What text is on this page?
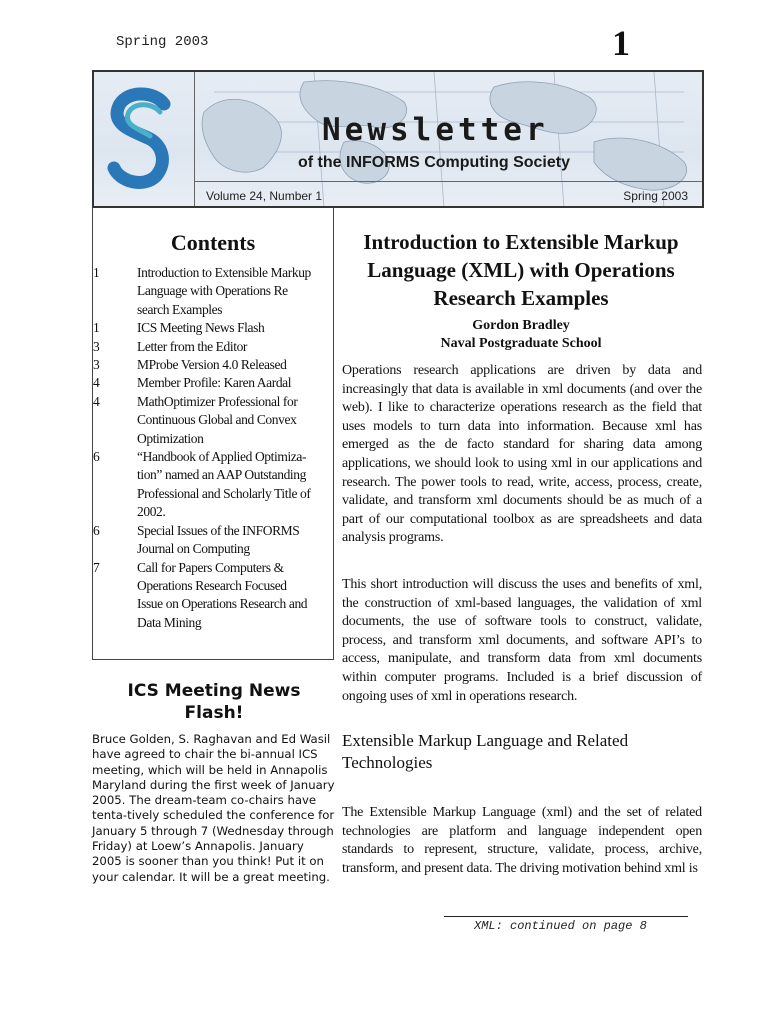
Spring 2003	1
Newsletter
of the INFORMS Computing Society
Volume 24, Number 1	Spring 2003
Contents
1	Introduction to Extensible Markup
Language with Operations Re
search Examples
1	ICS Meeting News Flash
3	Letter from the Editor
3	MProbe Version 4.0 Released
4	Member Profile: Karen Aardal
4	MathOptimizer Professional for
Continuous Global and Convex
Optimization
6	“Handbook of Applied Optimiza-
tion” named an AAP Outstanding
Professional and Scholarly Title of
2002.
6	Special Issues of the INFORMS
Journal on Computing
7	Call for Papers Computers &
Operations Research Focused
Issue on Operations Research and
Data Mining
ICS Meeting News Flash!

Bruce Golden, S. Raghavan and Ed Wasil have agreed to chair the bi-annual ICS meeting, which will be held in Annapolis Maryland during the first week of January 2005. The dream-team co-chairs have tenta-tively scheduled the conference for January 5 through 7 (Wednesday through Friday) at Loew’s Annapolis. January 2005 is sooner than you think! Put it on your calendar. It will be a great meeting.

Introduction to Extensible Markup Language (XML) with Operations Research Examples
Gordon Bradley
Naval Postgraduate School

Operations research applications are driven by data and increasingly that data is available in xml documents (and over the web). I like to characterize operations research as the field that uses models to turn data into information. Because xml has emerged as the de facto standard for sharing data among applications, we should look to using xml in our applications and research. The power tools to read, write, access, process, create, validate, and transform xml documents should be as much of a part of our computational toolbox as are spreadsheets and data analysis programs.

This short introduction will discuss the uses and benefits of xml, the construction of xml-based languages, the validation of xml documents, the use of software tools to construct, validate, process, and transform xml documents, and software API’s to access, manipulate, and transform data from xml documents within computer programs. Included is a brief discussion of ongoing uses of xml in operations research.

Extensible Markup Language and Related Technologies

The Extensible Markup Language (xml) and the set of related technologies are platform and language independent open standards to represent, structure, validate, process, archive, transform, and present data. The driving motivation behind xml is

XML: continued on page 8
